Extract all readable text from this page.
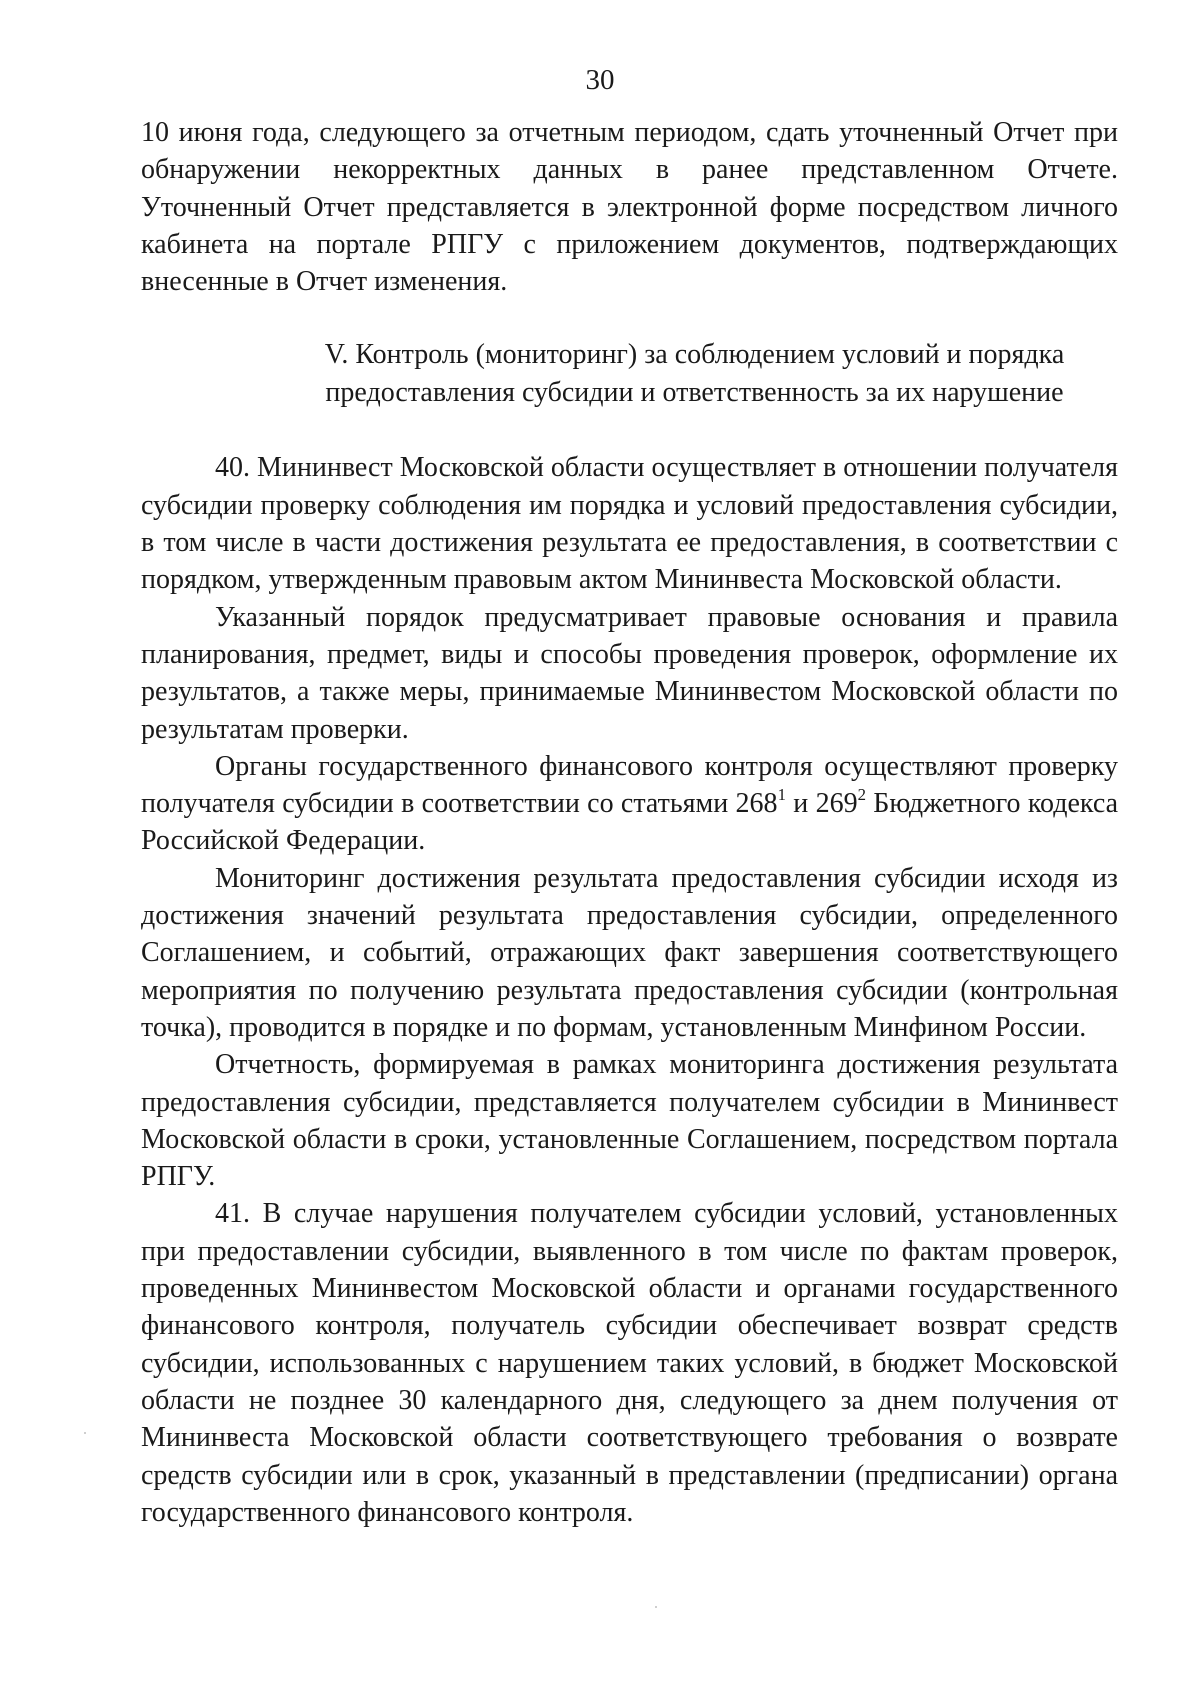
30

10 июня года, следующего за отчетным периодом, сдать уточненный Отчет при обнаружении некорректных данных в ранее представленном Отчете. Уточненный Отчет представляется в электронной форме посредством личного кабинета на портале РПГУ с приложением документов, подтверждающих внесенные в Отчет изменения.

V. Контроль (мониторинг) за соблюдением условий и порядка
предоставления субсидии и ответственность за их нарушение

40. Мининвест Московской области осуществляет в отношении получателя субсидии проверку соблюдения им порядка и условий предоставления субсидии, в том числе в части достижения результата ее предоставления, в соответствии с порядком, утвержденным правовым актом Мининвеста Московской области.

Указанный порядок предусматривает правовые основания и правила планирования, предмет, виды и способы проведения проверок, оформление их результатов, а также меры, принимаемые Мининвестом Московской области по результатам проверки.

Органы государственного финансового контроля осуществляют проверку получателя субсидии в соответствии со статьями $268^1$ и $269^2$ Бюджетного кодекса Российской Федерации.

Мониторинг достижения результата предоставления субсидии исходя из достижения значений результата предоставления субсидии, определенного Соглашением, и событий, отражающих факт завершения соответствующего мероприятия по получению результата предоставления субсидии (контрольная точка), проводится в порядке и по формам, установленным Минфином России.

Отчетность, формируемая в рамках мониторинга достижения результата предоставления субсидии, представляется получателем субсидии в Мининвест Московской области в сроки, установленные Соглашением, посредством портала РПГУ.

41. В случае нарушения получателем субсидии условий, установленных при предоставлении субсидии, выявленного в том числе по фактам проверок, проведенных Мининвестом Московской области и органами государственного финансового контроля, получатель субсидии обеспечивает возврат средств субсидии, использованных с нарушением таких условий, в бюджет Московской области не позднее 30 календарного дня, следующего за днем получения от Мининвеста Московской области соответствующего требования о возврате средств субсидии или в срок, указанный в представлении (предписании) органа государственного финансового контроля.
